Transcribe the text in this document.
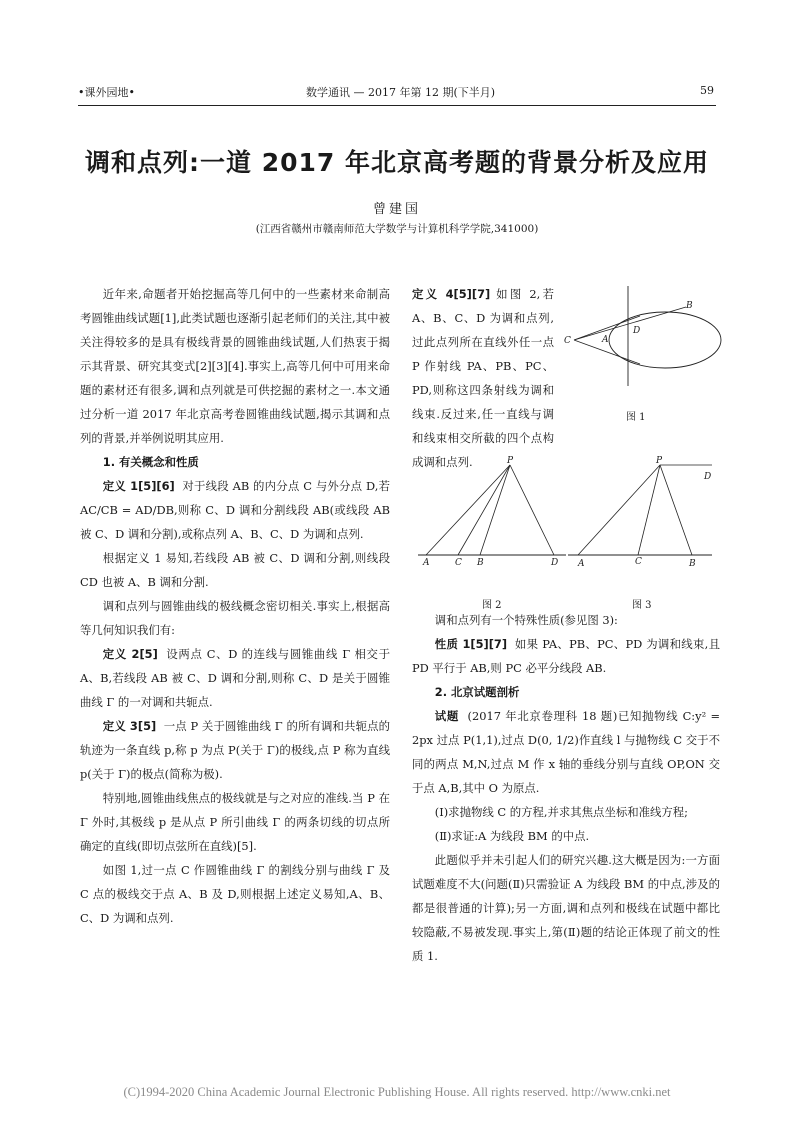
•课外园地•	数学通讯 — 2017 年第 12 期(下半月)	59
调和点列:一道 2017 年北京高考题的背景分析及应用
曾建国
(江西省赣州市赣南师范大学数学与计算机科学学院,341000)

近年来,命题者开始挖掘高等几何中的一些素材来命制高考圆锥曲线试题[1],此类试题也逐渐引起老师们的关注,其中被关注得较多的是具有极线背景的圆锥曲线试题,人们热衷于揭示其背景、研究其变式[2][3][4].事实上,高等几何中可用来命题的素材还有很多,调和点列就是可供挖掘的素材之一.本文通过分析一道 2017 年北京高考卷圆锥曲线试题,揭示其调和点列的背景,并举例说明其应用.

1. 有关概念和性质

定义 1[5][6] 对于线段 AB 的内分点 C 与外分点 D,若 AC/CB = AD/DB,则称 C、D 调和分割线段 AB(或线段 AB 被 C、D 调和分割),或称点列 A、B、C、D 为调和点列.

根据定义 1 易知,若线段 AB 被 C、D 调和分割,则线段 CD 也被 A、B 调和分割.

调和点列与圆锥曲线的极线概念密切相关.事实上,根据高等几何知识我们有:

定义 2[5] 设两点 C、D 的连线与圆锥曲线 Γ 相交于 A、B,若线段 AB 被 C、D 调和分割,则称 C、D 是关于圆锥曲线 Γ 的一对调和共轭点.

定义 3[5] 一点 P 关于圆锥曲线 Γ 的所有调和共轭点的轨迹为一条直线 p,称 p 为点 P(关于 Γ)的极线,点 P 称为直线 p(关于 Γ)的极点(简称为极).

特别地,圆锥曲线焦点的极线就是与之对应的准线.当 P 在 Γ 外时,其极线 p 是从点 P 所引曲线 Γ 的两条切线的切点所确定的直线(即切点弦所在直线)[5].

如图 1,过一点 C 作圆锥曲线 Γ 的割线分别与曲线 Γ 及 C 点的极线交于点 A、B 及 D,则根据上述定义易知,A、B、C、D 为调和点列.

定义 4[5][7] 如图 2,若 A、B、C、D 为调和点列,过此点列所在直线外任一点 P 作射线 PA、PB、PC、PD,则称这四条射线为调和线束.反过来,任一直线与调和线束相交所截的四个点构成调和点列.

C	A
D
B
图 1
P
A	C B	D
图 2
P
D
A	C	B
图 3

调和点列有一个特殊性质(参见图 3):

性质 1[5][7] 如果 PA、PB、PC、PD 为调和线束,且 PD 平行于 AB,则 PC 必平分线段 AB.

2. 北京试题剖析

试题 (2017 年北京卷理科 18 题)已知抛物线 C:y² = 2px 过点 P(1,1),过点 D(0, 1/2)作直线 l 与抛物线 C 交于不同的两点 M,N,过点 M 作 x 轴的垂线分别与直线 OP,ON 交于点 A,B,其中 O 为原点.

(Ⅰ)求抛物线 C 的方程,并求其焦点坐标和准线方程;

(Ⅱ)求证:A 为线段 BM 的中点.

此题似乎并未引起人们的研究兴趣.这大概是因为:一方面试题难度不大(问题(Ⅱ)只需验证 A 为线段 BM 的中点,涉及的都是很普通的计算);另一方面,调和点列和极线在试题中都比较隐蔽,不易被发现.事实上,第(Ⅱ)题的结论正体现了前文的性质 1.

(C)1994-2020 China Academic Journal Electronic Publishing House. All rights reserved. http://www.cnki.net
